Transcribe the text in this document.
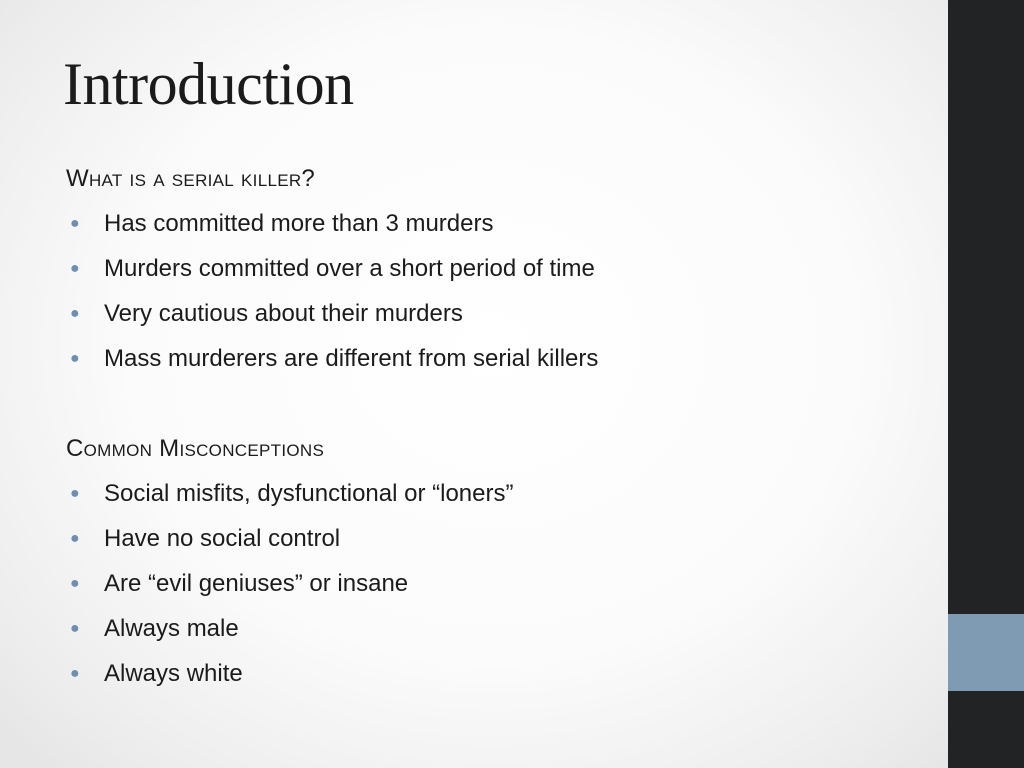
Introduction
What is a serial killer?
● Has committed more than 3 murders
● Murders committed over a short period of time
● Very cautious about their murders
● Mass murderers are different from serial killers
Common Misconceptions
● Social misfits, dysfunctional or “loners”
● Have no social control
● Are “evil geniuses” or insane
● Always male
● Always white
